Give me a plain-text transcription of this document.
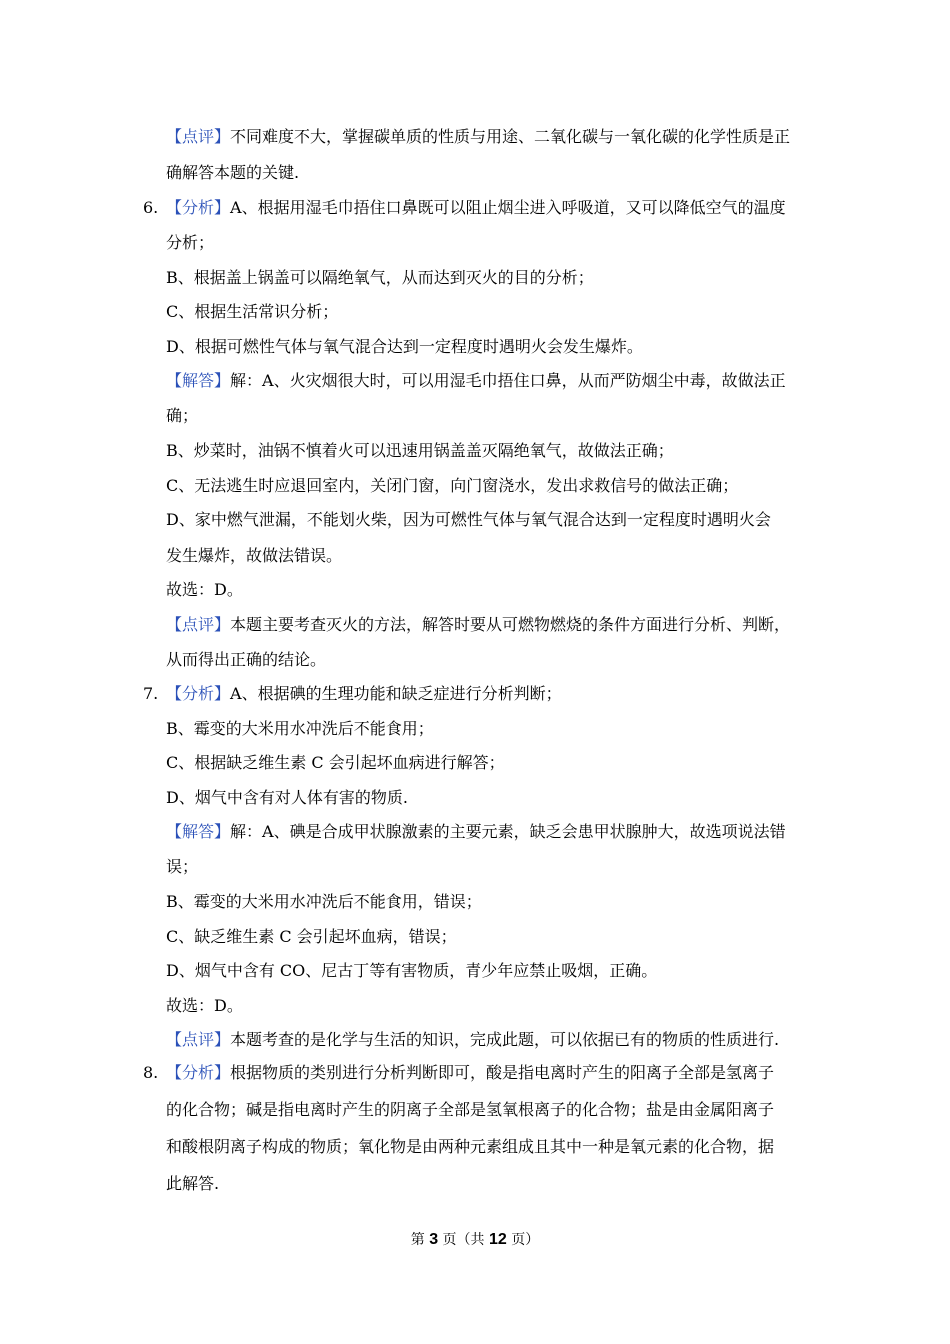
【点评】不同难度不大，掌握碳单质的性质与用途、二氧化碳与一氧化碳的化学性质是正
确解答本题的关键.
6. 【分析】A、根据用湿毛巾捂住口鼻既可以阻止烟尘进入呼吸道，又可以降低空气的温度
分析；
B、根据盖上锅盖可以隔绝氧气，从而达到灭火的目的分析；
C、根据生活常识分析；
D、根据可燃性气体与氧气混合达到一定程度时遇明火会发生爆炸。
【解答】解：A、火灾烟很大时，可以用湿毛巾捂住口鼻，从而严防烟尘中毒，故做法正
确；
B、炒菜时，油锅不慎着火可以迅速用锅盖盖灭隔绝氧气，故做法正确；
C、无法逃生时应退回室内，关闭门窗，向门窗浇水，发出求救信号的做法正确；
D、家中燃气泄漏，不能划火柴，因为可燃性气体与氧气混合达到一定程度时遇明火会
发生爆炸，故做法错误。
故选：D。
【点评】本题主要考查灭火的方法，解答时要从可燃物燃烧的条件方面进行分析、判断，
从而得出正确的结论。
7. 【分析】A、根据碘的生理功能和缺乏症进行分析判断；
B、霉变的大米用水冲洗后不能食用；
C、根据缺乏维生素 C 会引起坏血病进行解答；
D、烟气中含有对人体有害的物质.
【解答】解：A、碘是合成甲状腺激素的主要元素，缺乏会患甲状腺肿大，故选项说法错
误；
B、霉变的大米用水冲洗后不能食用，错误；
C、缺乏维生素 C 会引起坏血病，错误；
D、烟气中含有 CO、尼古丁等有害物质，青少年应禁止吸烟，正确。
故选：D。
【点评】本题考查的是化学与生活的知识，完成此题，可以依据已有的物质的性质进行.
8. 【分析】根据物质的类别进行分析判断即可，酸是指电离时产生的阳离子全部是氢离子
的化合物；碱是指电离时产生的阴离子全部是氢氧根离子的化合物；盐是由金属阳离子
和酸根阴离子构成的物质；氧化物是由两种元素组成且其中一种是氧元素的化合物，据
此解答.
第 3 页（共 12 页）
